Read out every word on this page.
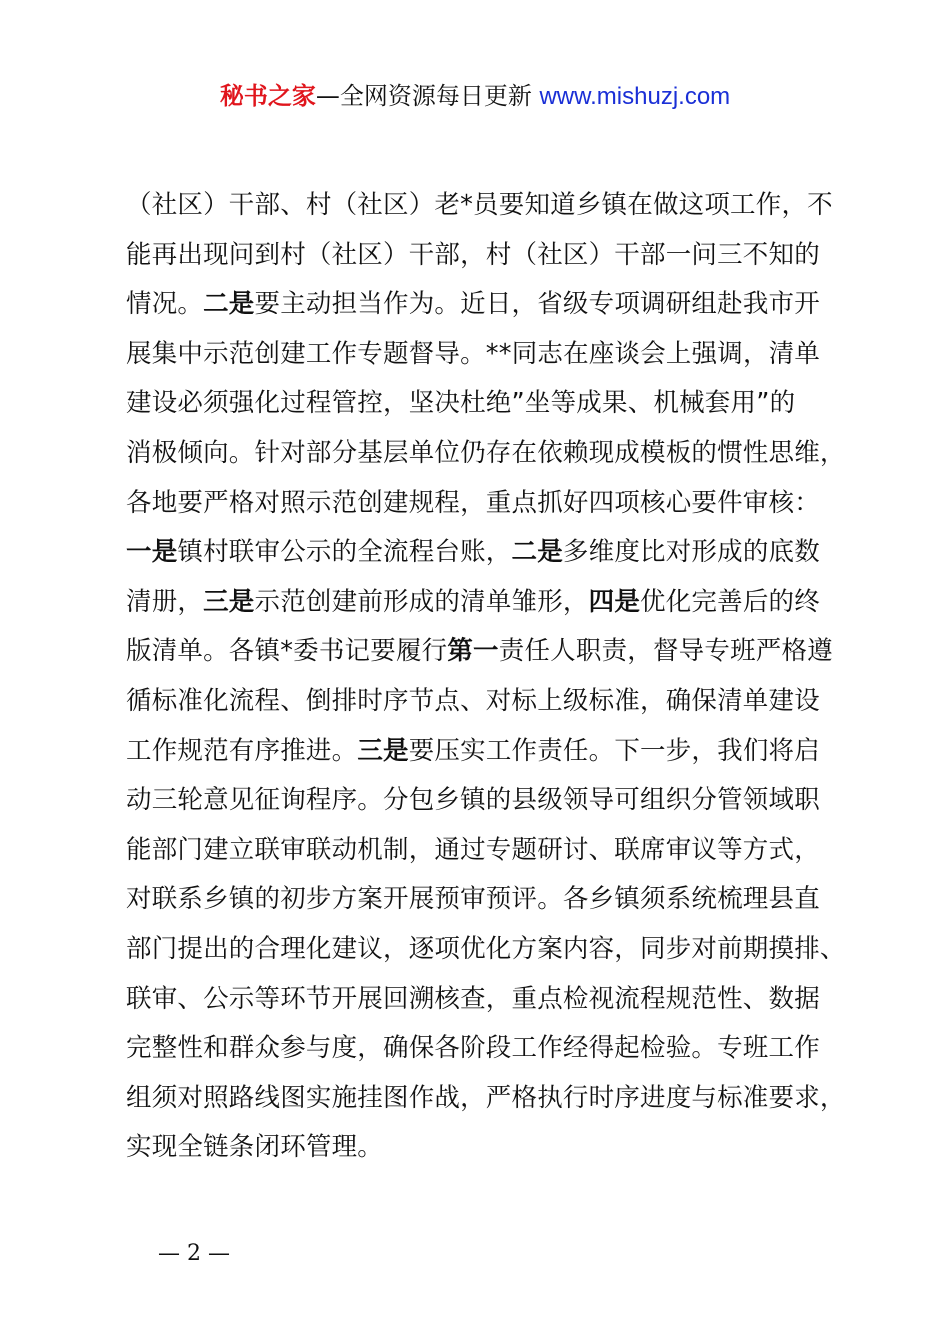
秘书之家—全网资源每日更新 www.mishuzj.com
（社区）干部、村（社区）老*员要知道乡镇在做这项工作，不
能再出现问到村（社区）干部，村（社区）干部一问三不知的
情况。二是要主动担当作为。近日，省级专项调研组赴我市开
展集中示范创建工作专题督导。**同志在座谈会上强调，清单
建设必须强化过程管控，坚决杜绝”坐等成果、机械套用”的
消极倾向。针对部分基层单位仍存在依赖现成模板的惯性思维，
各地要严格对照示范创建规程，重点抓好四项核心要件审核：
一是镇村联审公示的全流程台账，二是多维度比对形成的底数
清册，三是示范创建前形成的清单雏形，四是优化完善后的终
版清单。各镇*委书记要履行第一责任人职责，督导专班严格遵
循标准化流程、倒排时序节点、对标上级标准，确保清单建设
工作规范有序推进。三是要压实工作责任。下一步，我们将启
动三轮意见征询程序。分包乡镇的县级领导可组织分管领域职
能部门建立联审联动机制，通过专题研讨、联席审议等方式，
对联系乡镇的初步方案开展预审预评。各乡镇须系统梳理县直
部门提出的合理化建议，逐项优化方案内容，同步对前期摸排、
联审、公示等环节开展回溯核查，重点检视流程规范性、数据
完整性和群众参与度，确保各阶段工作经得起检验。专班工作
组须对照路线图实施挂图作战，严格执行时序进度与标准要求，
实现全链条闭环管理。
— 2 —
